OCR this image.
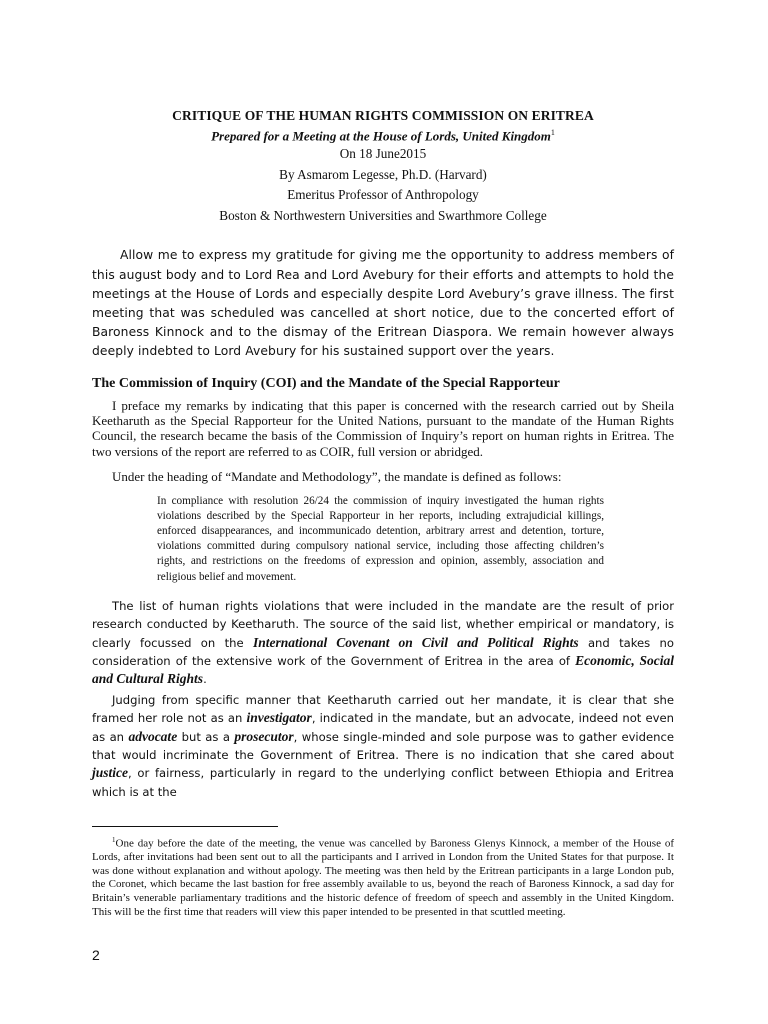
CRITIQUE OF THE HUMAN RIGHTS COMMISSION ON ERITREA

Prepared for a Meeting at the House of Lords, United Kingdom$^1$

On 18 June2015

By Asmarom Legesse, Ph.D. (Harvard)

Emeritus Professor of Anthropology

Boston & Northwestern Universities and Swarthmore College

Allow me to express my gratitude for giving me the opportunity to address members of this august body and to Lord Rea and Lord Avebury for their efforts and attempts to hold the meetings at the House of Lords and especially despite Lord Avebury’s grave illness. The first meeting that was scheduled was cancelled at short notice, due to the concerted effort of Baroness Kinnock and to the dismay of the Eritrean Diaspora. We remain however always deeply indebted to Lord Avebury for his sustained support over the years.

The Commission of Inquiry (COI) and the Mandate of the Special Rapporteur

I preface my remarks by indicating that this paper is concerned with the research carried out by Sheila Keetharuth as the Special Rapporteur for the United Nations, pursuant to the mandate of the Human Rights Council, the research became the basis of the Commission of Inquiry’s report on human rights in Eritrea. The two versions of the report are referred to as COIR, full version or abridged.

Under the heading of “Mandate and Methodology”, the mandate is defined as follows:

In compliance with resolution 26/24 the commission of inquiry investigated the human rights violations described by the Special Rapporteur in her reports, including extrajudicial killings, enforced disappearances, and incommunicado detention, arbitrary arrest and detention, torture, violations committed during compulsory national service, including those affecting children’s rights, and restrictions on the freedoms of expression and opinion, assembly, association and religious belief and movement.

The list of human rights violations that were included in the mandate are the result of prior research conducted by Keetharuth. The source of the said list, whether empirical or mandatory, is clearly focussed on the International Covenant on Civil and Political Rights and takes no consideration of the extensive work of the Government of Eritrea in the area of Economic, Social and Cultural Rights.

Judging from specific manner that Keetharuth carried out her mandate, it is clear that she framed her role not as an investigator, indicated in the mandate, but an advocate, indeed not even as an advocate but as a prosecutor, whose single-minded and sole purpose was to gather evidence that would incriminate the Government of Eritrea. There is no indication that she cared about justice, or fairness, particularly in regard to the underlying conflict between Ethiopia and Eritrea which is at the

$^1$One day before the date of the meeting, the venue was cancelled by Baroness Glenys Kinnock, a member of the House of Lords, after invitations had been sent out to all the participants and I arrived in London from the United States for that purpose. It was done without explanation and without apology. The meeting was then held by the Eritrean participants in a large London pub, the Coronet, which became the last bastion for free assembly available to us, beyond the reach of Baroness Kinnock, a sad day for Britain’s venerable parliamentary traditions and the historic defence of freedom of speech and assembly in the United Kingdom. This will be the first time that readers will view this paper intended to be presented in that scuttled meeting.

2
